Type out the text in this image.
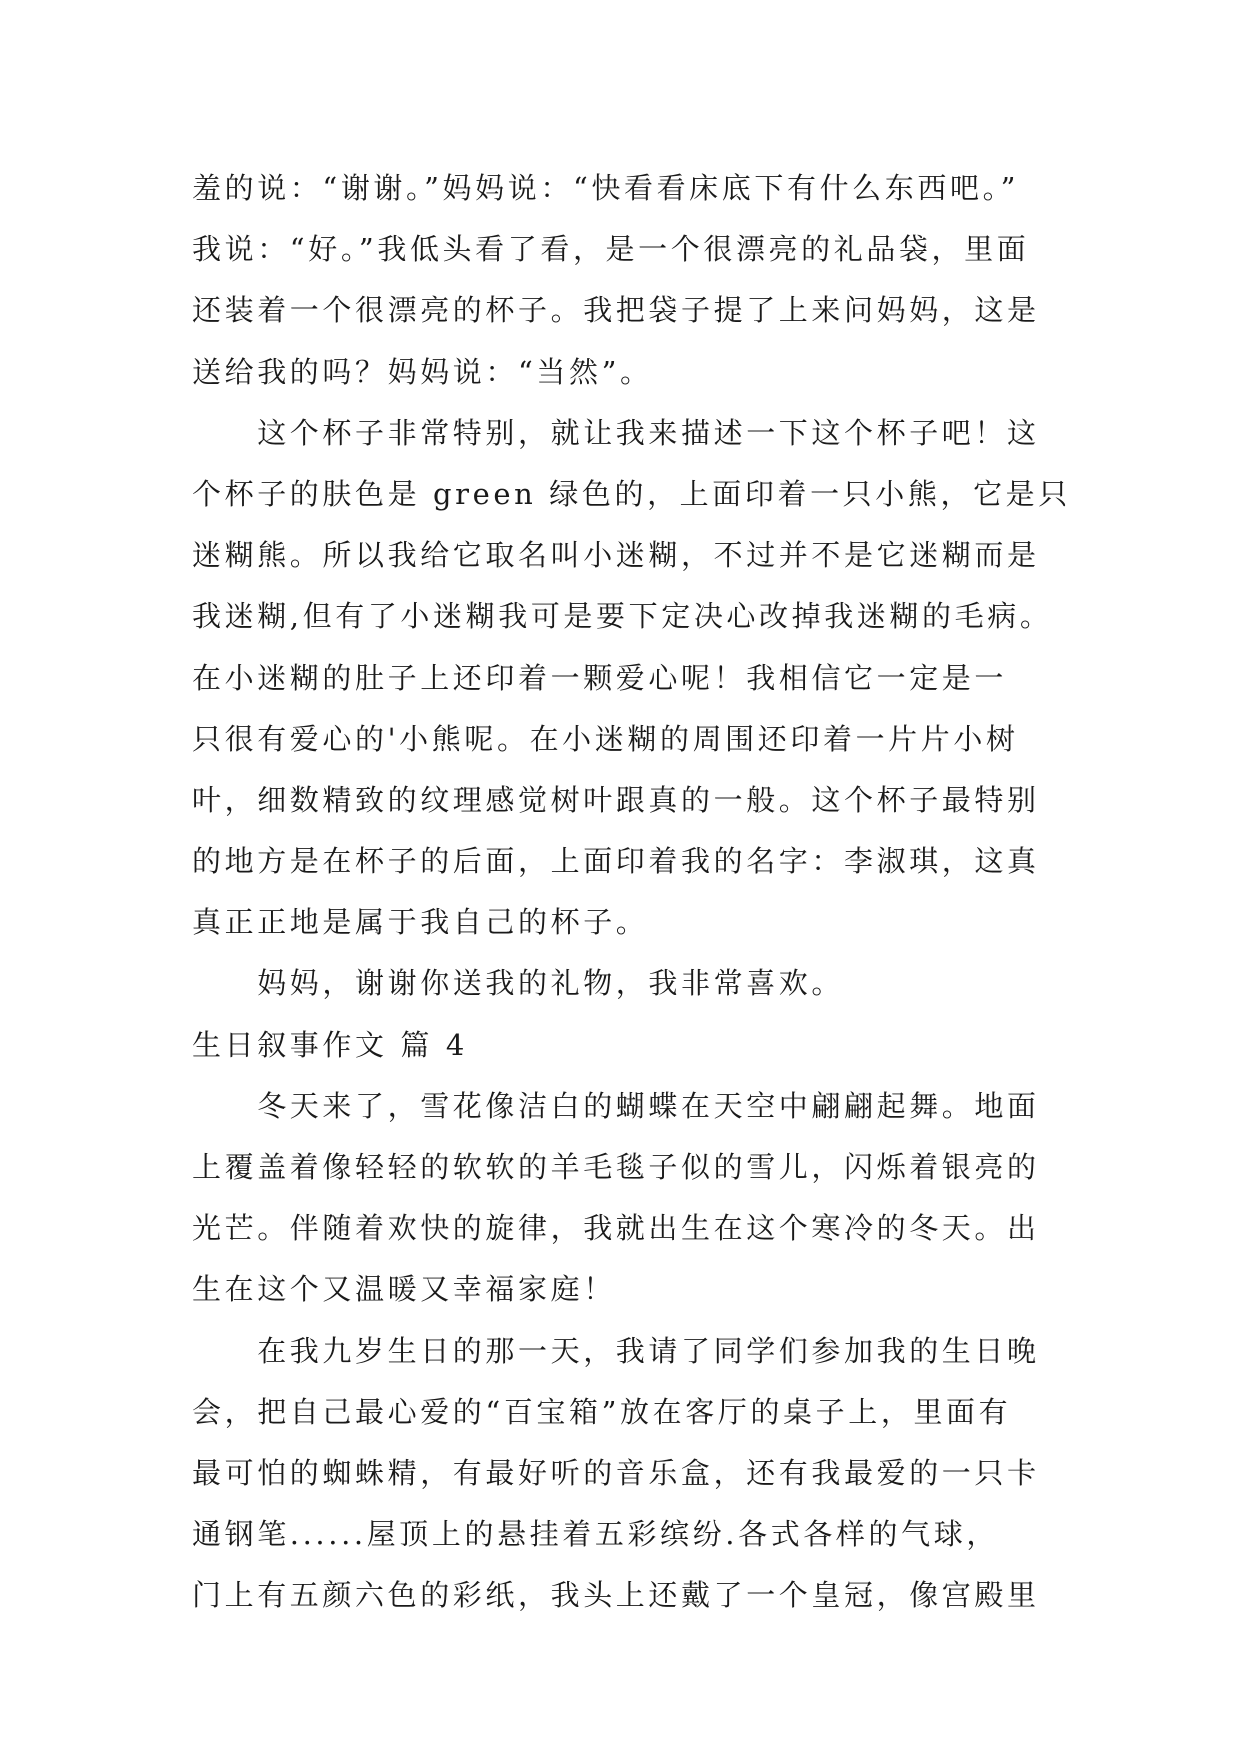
羞的说：“谢谢。”妈妈说：“快看看床底下有什么东西吧。”
我说：“好。”我低头看了看，是一个很漂亮的礼品袋，里面
还装着一个很漂亮的杯子。我把袋子提了上来问妈妈，这是
送给我的吗？妈妈说：“当然”。
　　这个杯子非常特别，就让我来描述一下这个杯子吧！这
个杯子的肤色是 green 绿色的，上面印着一只小熊，它是只
迷糊熊。所以我给它取名叫小迷糊，不过并不是它迷糊而是
我迷糊,但有了小迷糊我可是要下定决心改掉我迷糊的毛病。
在小迷糊的肚子上还印着一颗爱心呢！我相信它一定是一
只很有爱心的'小熊呢。在小迷糊的周围还印着一片片小树
叶，细数精致的纹理感觉树叶跟真的一般。这个杯子最特别
的地方是在杯子的后面，上面印着我的名字：李淑琪，这真
真正正地是属于我自己的杯子。
　　妈妈，谢谢你送我的礼物，我非常喜欢。
生日叙事作文 篇 4
　　冬天来了，雪花像洁白的蝴蝶在天空中翩翩起舞。地面
上覆盖着像轻轻的软软的羊毛毯子似的雪儿，闪烁着银亮的
光芒。伴随着欢快的旋律，我就出生在这个寒冷的冬天。出
生在这个又温暖又幸福家庭！
　　在我九岁生日的那一天，我请了同学们参加我的生日晚
会，把自己最心爱的“百宝箱”放在客厅的桌子上，里面有
最可怕的蜘蛛精，有最好听的音乐盒，还有我最爱的一只卡
通钢笔......屋顶上的悬挂着五彩缤纷.各式各样的气球，
门上有五颜六色的彩纸，我头上还戴了一个皇冠，像宫殿里
